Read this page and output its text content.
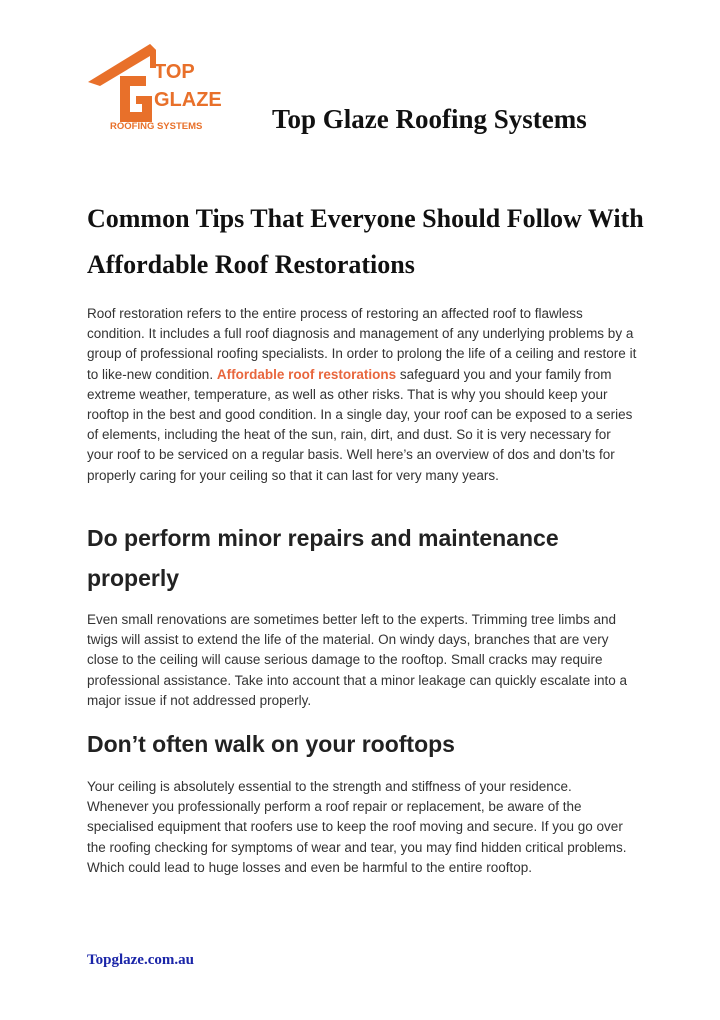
TOP
GLAZE
ROOFING SYSTEMS	Top Glaze Roofing Systems
Common Tips That Everyone Should Follow With Affordable Roof Restorations

Roof restoration refers to the entire process of restoring an affected roof to flawless condition. It includes a full roof diagnosis and management of any underlying problems by a group of professional roofing specialists. In order to prolong the life of a ceiling and restore it to like-new condition. Affordable roof restorations safeguard you and your family from extreme weather, temperature, as well as other risks. That is why you should keep your rooftop in the best and good condition. In a single day, your roof can be exposed to a series of elements, including the heat of the sun, rain, dirt, and dust. So it is very necessary for your roof to be serviced on a regular basis. Well here’s an overview of dos and don’ts for properly caring for your ceiling so that it can last for very many years.

Do perform minor repairs and maintenance properly

Even small renovations are sometimes better left to the experts. Trimming tree limbs and twigs will assist to extend the life of the material. On windy days, branches that are very close to the ceiling will cause serious damage to the rooftop. Small cracks may require professional assistance. Take into account that a minor leakage can quickly escalate into a major issue if not addressed properly.

Don’t often walk on your rooftops

Your ceiling is absolutely essential to the strength and stiffness of your residence. Whenever you professionally perform a roof repair or replacement, be aware of the specialised equipment that roofers use to keep the roof moving and secure. If you go over the roofing checking for symptoms of wear and tear, you may find hidden critical problems. Which could lead to huge losses and even be harmful to the entire rooftop.

Topglaze.com.au
